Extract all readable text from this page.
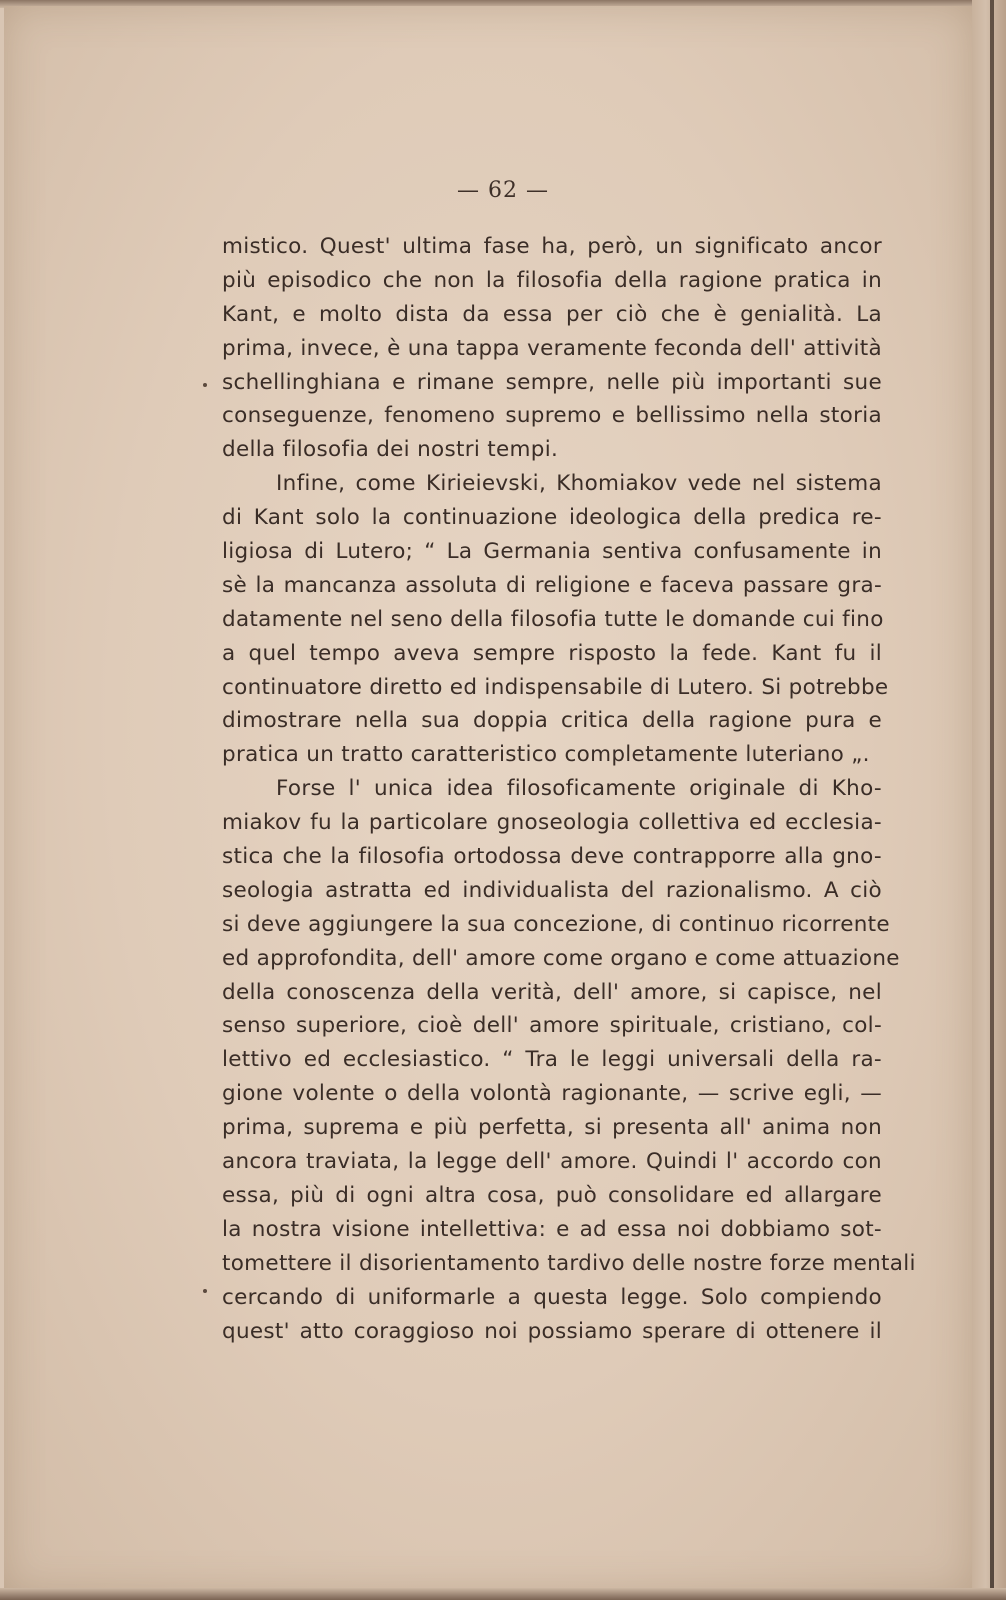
— 62 —
mistico. Quest' ultima fase ha, però, un significato ancor
più episodico che non la filosofia della ragione pratica in
Kant, e molto dista da essa per ciò che è genialità. La
prima, invece, è una tappa veramente feconda dell' attività
schellinghiana e rimane sempre, nelle più importanti sue
conseguenze, fenomeno supremo e bellissimo nella storia
della filosofia dei nostri tempi.
Infine, come Kirieievski, Khomiakov vede nel sistema
di Kant solo la continuazione ideologica della predica re-
ligiosa di Lutero; “ La Germania sentiva confusamente in
sè la mancanza assoluta di religione e faceva passare gra-
datamente nel seno della filosofia tutte le domande cui fino
a quel tempo aveva sempre risposto la fede. Kant fu il
continuatore diretto ed indispensabile di Lutero. Si potrebbe
dimostrare nella sua doppia critica della ragione pura e
pratica un tratto caratteristico completamente luteriano „.
Forse l' unica idea filosoficamente originale di Kho-
miakov fu la particolare gnoseologia collettiva ed ecclesia-
stica che la filosofia ortodossa deve contrapporre alla gno-
seologia astratta ed individualista del razionalismo. A ciò
si deve aggiungere la sua concezione, di continuo ricorrente
ed approfondita, dell' amore come organo e come attuazione
della conoscenza della verità, dell' amore, si capisce, nel
senso superiore, cioè dell' amore spirituale, cristiano, col-
lettivo ed ecclesiastico. “ Tra le leggi universali della ra-
gione volente o della volontà ragionante, — scrive egli, —
prima, suprema e più perfetta, si presenta all' anima non
ancora traviata, la legge dell' amore. Quindi l' accordo con
essa, più di ogni altra cosa, può consolidare ed allargare
la nostra visione intellettiva: e ad essa noi dobbiamo sot-
tomettere il disorientamento tardivo delle nostre forze mentali
cercando di uniformarle a questa legge. Solo compiendo
quest' atto coraggioso noi possiamo sperare di ottenere il
